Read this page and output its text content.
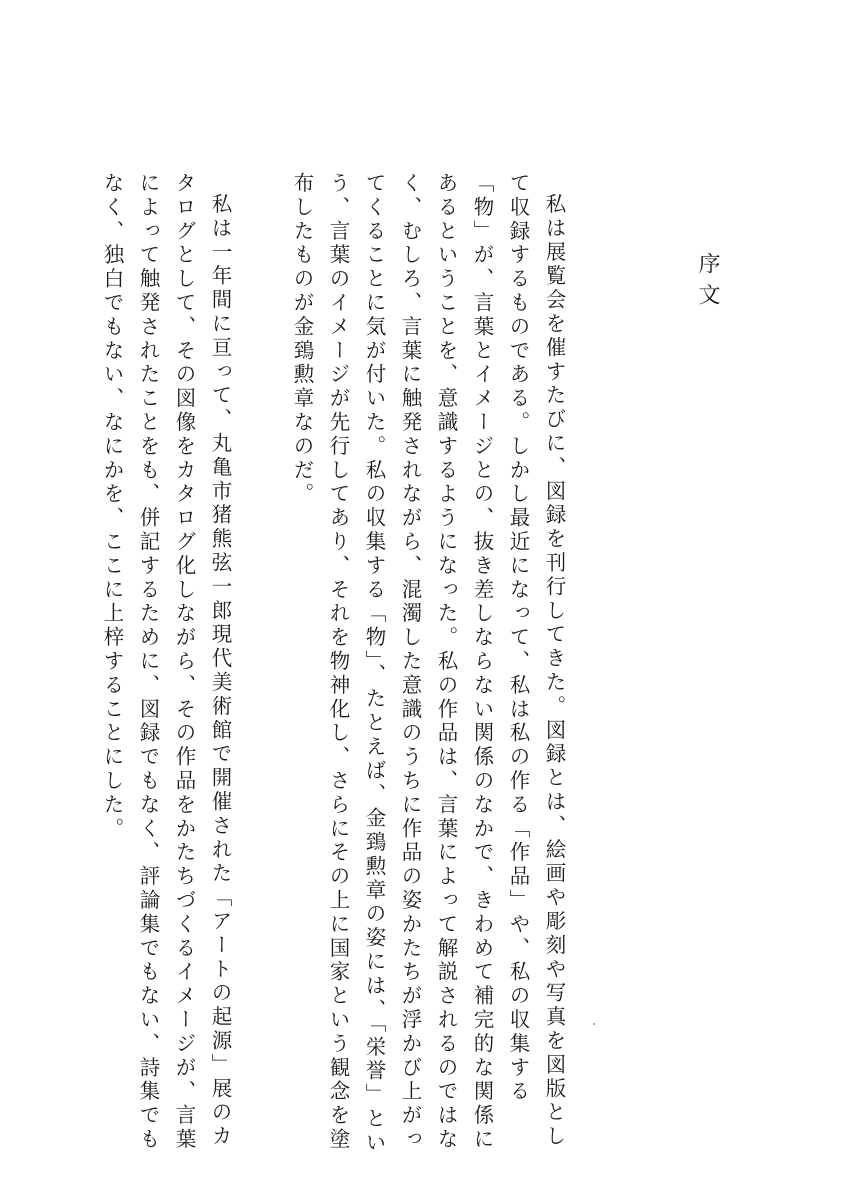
序文
私は展覧会を催すたびに、図録を刊行してきた。図録とは、絵画や彫刻や写真を図版とし
て収録するものである。しかし最近になって、私は私の作る「作品」や、私の収集する
「物」が、言葉とイメージとの、抜き差しならない関係のなかで、きわめて補完的な関係に
あるということを、意識するようになった。私の作品は、言葉によって解説されるのではな
く、むしろ、言葉に触発されながら、混濁した意識のうちに作品の姿かたちが浮かび上がっ
てくることに気が付いた。私の収集する「物」、たとえば、金鵄勲章の姿には、「栄誉」とい
う、言葉のイメージが先行してあり、それを物神化し、さらにその上に国家という観念を塗
布したものが金鵄勲章なのだ。
私は一年間に亘って、丸亀市猪熊弦一郎現代美術館で開催された「アートの起源」展のカ
タログとして、その図像をカタログ化しながら、その作品をかたちづくるイメージが、言葉
によって触発されたことをも、併記するために、図録でもなく、評論集でもない、詩集でも
なく、独白でもない、なにかを、ここに上梓することにした。
